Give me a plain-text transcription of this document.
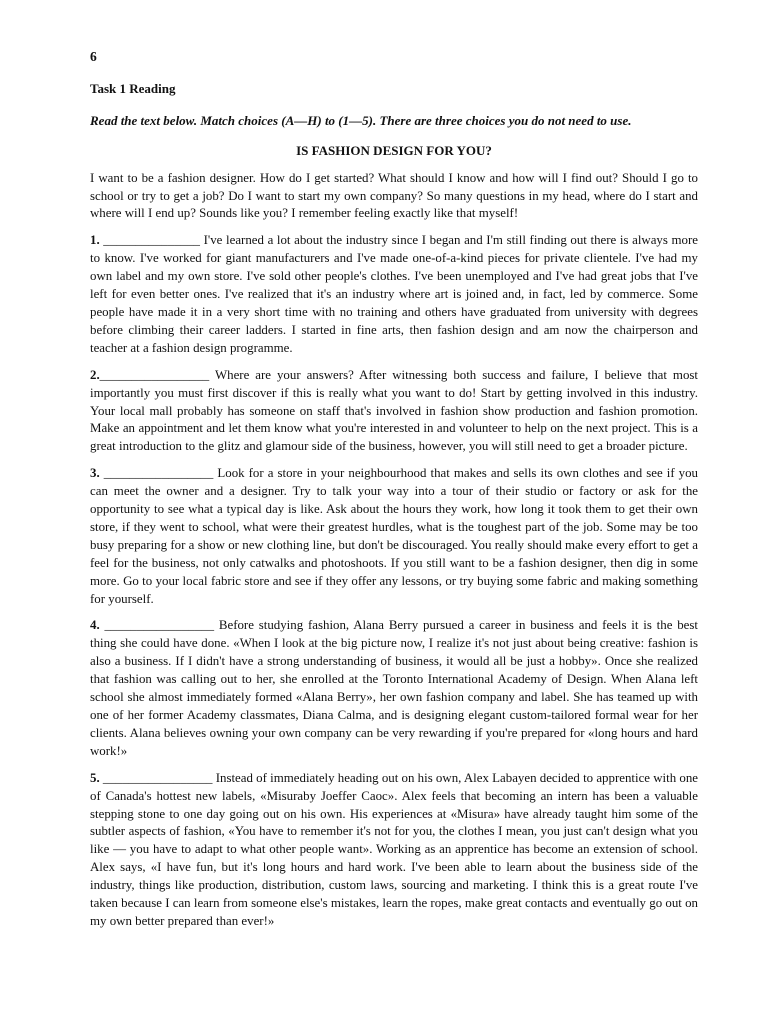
6
Task 1 Reading
Read the text below. Match choices (A—H) to (1—5). There are three choices you do not need to use.
IS FASHION DESIGN FOR YOU?

I want to be a fashion designer. How do I get started? What should I know and how will I find out? Should I go to school or try to get a job? Do I want to start my own company? So many questions in my head, where do I start and where will I end up? Sounds like you? I remember feeling exactly like that myself!

1. _______________ I've learned a lot about the industry since I began and I'm still finding out there is always more to know. I've worked for giant manufacturers and I've made one-of-a-kind pieces for private clientele. I've had my own label and my own store. I've sold other people's clothes. I've been unemployed and I've had great jobs that I've left for even better ones. I've realized that it's an industry where art is joined and, in fact, led by commerce. Some people have made it in a very short time with no training and others have graduated from university with degrees before climbing their career ladders. I started in fine arts, then fashion design and am now the chairperson and teacher at a fashion design programme.

2._________________ Where are your answers? After witnessing both success and failure, I believe that most importantly you must first discover if this is really what you want to do! Start by getting involved in this industry. Your local mall probably has someone on staff that's involved in fashion show production and fashion promotion. Make an appointment and let them know what you're interested in and volunteer to help on the next project. This is a great introduction to the glitz and glamour side of the business, however, you will still need to get a broader picture.

3. _________________ Look for a store in your neighbourhood that makes and sells its own clothes and see if you can meet the owner and a designer. Try to talk your way into a tour of their studio or factory or ask for the opportunity to see what a typical day is like. Ask about the hours they work, how long it took them to get their own store, if they went to school, what were their greatest hurdles, what is the toughest part of the job. Some may be too busy preparing for a show or new clothing line, but don't be discouraged. You really should make every effort to get a feel for the business, not only catwalks and photoshoots. If you still want to be a fashion designer, then dig in some more. Go to your local fabric store and see if they offer any lessons, or try buying some fabric and making something for yourself.

4. _________________ Before studying fashion, Alana Berry pursued a career in business and feels it is the best thing she could have done. «When I look at the big picture now, I realize it's not just about being creative: fashion is also a business. If I didn't have a strong understanding of business, it would all be just a hobby». Once she realized that fashion was calling out to her, she enrolled at the Toronto International Academy of Design. When Alana left school she almost immediately formed «Alana Berry», her own fashion company and label. She has teamed up with one of her former Academy classmates, Diana Calma, and is designing elegant custom-tailored formal wear for her clients. Alana believes owning your own company can be very rewarding if you're prepared for «long hours and hard work!»

5. _________________ Instead of immediately heading out on his own, Alex Labayen decided to apprentice with one of Canada's hottest new labels, «Misuraby Joeffer Caoc». Alex feels that becoming an intern has been a valuable stepping stone to one day going out on his own. His experiences at «Misura» have already taught him some of the subtler aspects of fashion, «You have to remember it's not for you, the clothes I mean, you just can't design what you like — you have to adapt to what other people want». Working as an apprentice has become an extension of school. Alex says, «I have fun, but it's long hours and hard work. I've been able to learn about the business side of the industry, things like production, distribution, custom laws, sourcing and marketing. I think this is a great route I've taken because I can learn from someone else's mistakes, learn the ropes, make great contacts and eventually go out on my own better prepared than ever!»
